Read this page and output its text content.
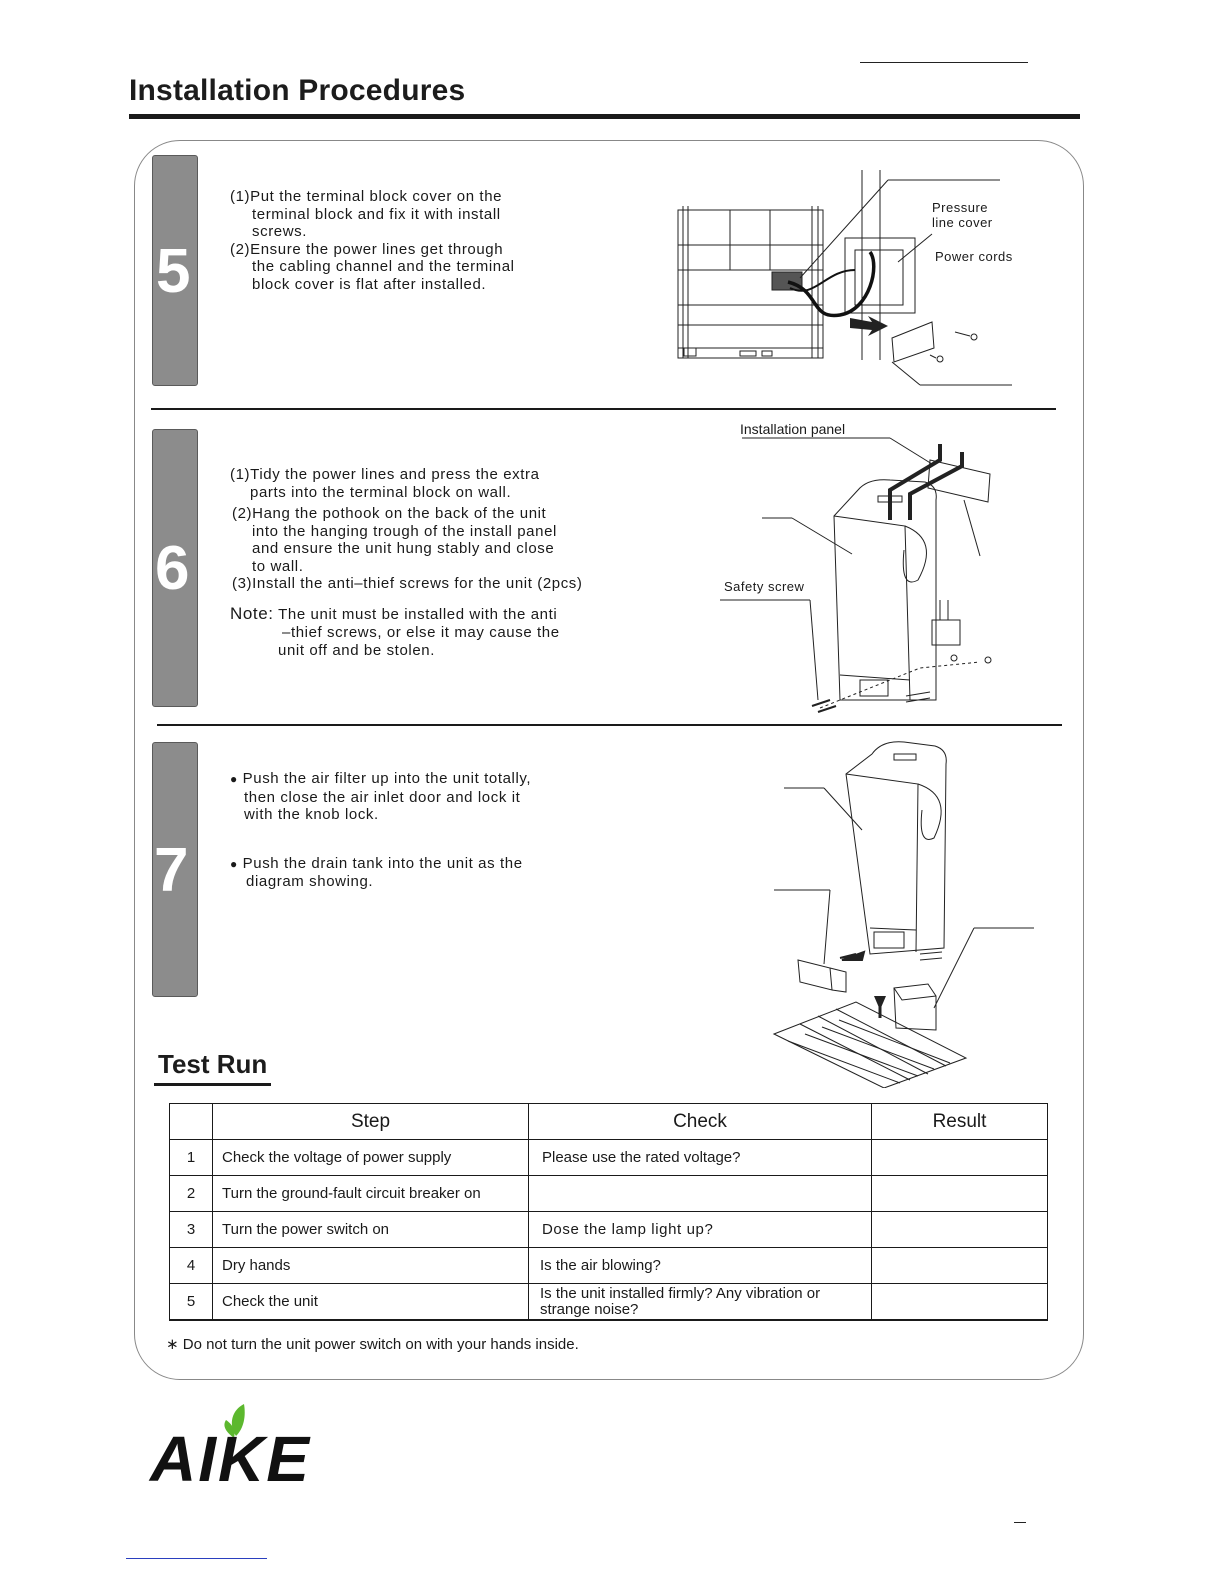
Installation Procedures
5

(1)Put the terminal block cover on the

terminal block and fix it with install
screws.
(2)Ensure the power lines get through

the cabling channel and the terminal
block cover is flat after installed.

Pressure
line cover
Power cords
6

(1)Tidy the power lines and press the extra

parts into the terminal block on wall.
(2)Hang the pothook on the back of the unit
into the hanging trough of the install panel
and ensure the unit hung stably and close
to wall.
(3)Install the anti–thief screws for the unit (2pcs)

Note: The unit must be installed with the anti

–thief screws, or else it may cause the
unit off and be stolen.

Installation panel
Safety screw
7

● Push the air filter up into the unit totally,

then close the air inlet door and lock it
with the knob lock.

● Push the drain tank into the unit as the

diagram showing.

Test Run
	Step	Check	Result
1	Check the voltage of power supply	Please use the rated voltage?	
2	Turn the ground-fault circuit breaker on		
3	Turn the power switch on	Dose the lamp light up?	
4	Dry hands	Is the air blowing?	
5	Check the unit	Is the unit installed firmly? Any vibration or strange noise?	
∗ Do not turn the unit power switch on with your hands inside.
AIKE
